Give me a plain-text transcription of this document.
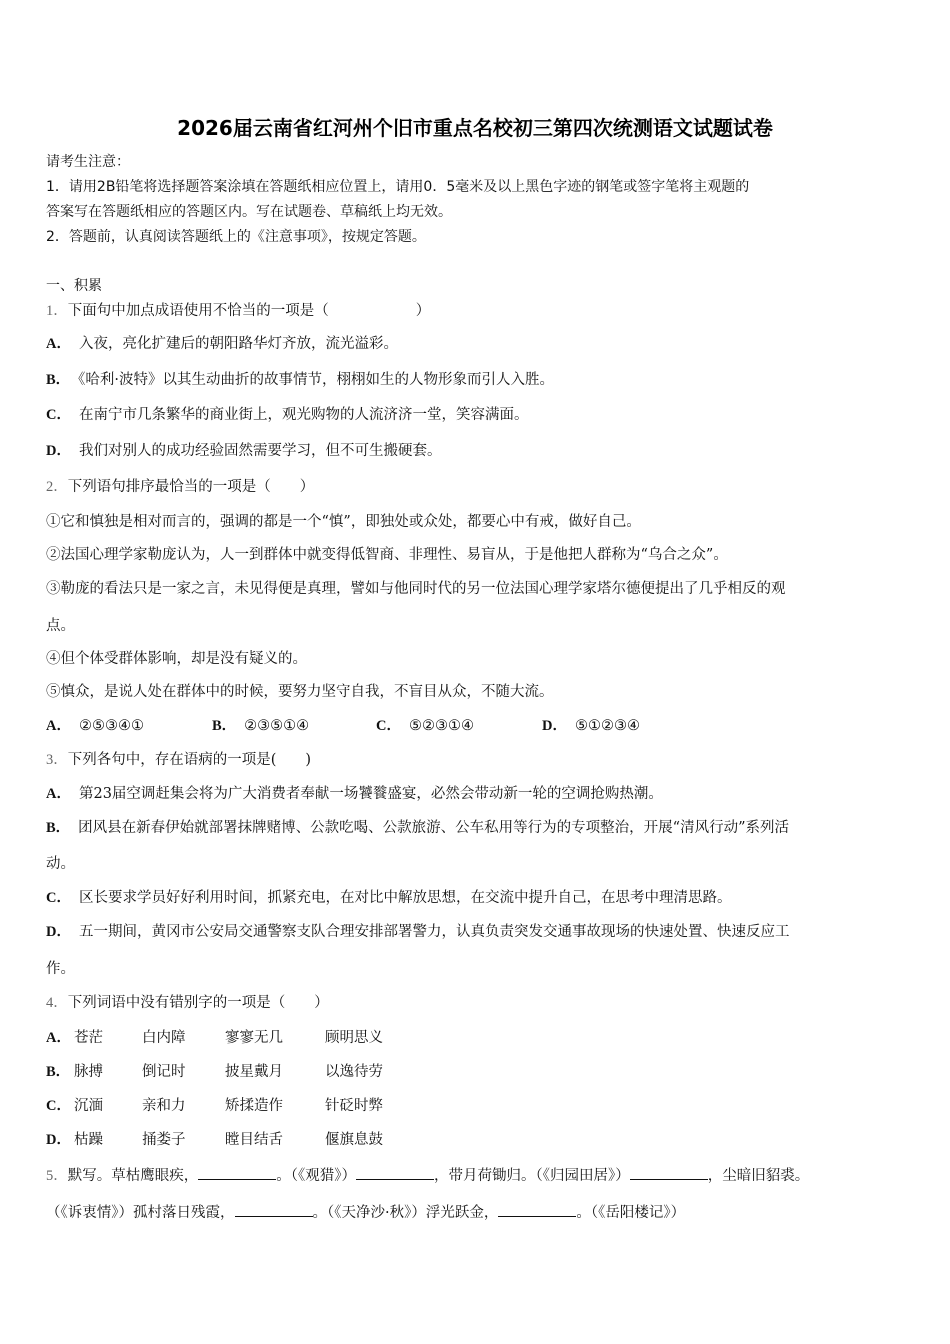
2026届云南省红河州个旧市重点名校初三第四次统测语文试题试卷
请考生注意：
1．请用2B铅笔将选择题答案涂填在答题纸相应位置上，请用0．5毫米及以上黑色字迹的钢笔或签字笔将主观题的
答案写在答题纸相应的答题区内。写在试题卷、草稿纸上均无效。
2．答题前，认真阅读答题纸上的《注意事项》，按规定答题。
一、积累
1．下面句中加点成语使用不恰当的一项是（　　　　　　）
A． 入夜，亮化扩建后的朝阳路华灯齐放，流光溢彩。
B． 《哈利·波特》以其生动曲折的故事情节，栩栩如生的人物形象而引人入胜。
C． 在南宁市几条繁华的商业街上，观光购物的人流济济一堂，笑容满面。
D． 我们对别人的成功经验固然需要学习，但不可生搬硬套。
2．下列语句排序最恰当的一项是（　　）
①它和慎独是相对而言的，强调的都是一个“慎”，即独处或众处，都要心中有戒，做好自己。
②法国心理学家勒庞认为，人一到群体中就变得低智商、非理性、易盲从，于是他把人群称为“乌合之众”。
③勒庞的看法只是一家之言，未见得便是真理，譬如与他同时代的另一位法国心理学家塔尔德便提出了几乎相反的观
点。
④但个体受群体影响，却是没有疑义的。
⑤慎众，是说人处在群体中的时候，要努力坚守自我，不盲目从众，不随大流。
A． ②⑤③④①	B． ②③⑤①④	C． ⑤②③①④	D． ⑤①②③④
3．下列各句中，存在语病的一项是(　　)
A． 第23届空调赶集会将为广大消费者奉献一场饕餮盛宴，必然会带动新一轮的空调抢购热潮。
B． 团风县在新春伊始就部署抹牌赌博、公款吃喝、公款旅游、公车私用等行为的专项整治，开展“清风行动”系列活
动。
C． 区长要求学员好好利用时间，抓紧充电，在对比中解放思想，在交流中提升自己，在思考中理清思路。
D． 五一期间，黄冈市公安局交通警察支队合理安排部署警力，认真负责突发交通事故现场的快速处置、快速反应工
作。
4．下列词语中没有错别字的一项是（　　）
A． 苍茫	白内障	寥寥无几	顾明思义
B． 脉搏	倒记时	披星戴月	以逸待劳
C． 沉湎	亲和力	矫揉造作	针砭时弊
D． 枯躁	捅娄子	瞠目结舌	偃旗息鼓
5．默写。草枯鹰眼疾，	。（《观猎》）	，带月荷锄归。（《归园田居》）	，尘暗旧貂裘。
（《诉衷情》）孤村落日残霞，	。（《天净沙·秋》）浮光跃金，	。（《岳阳楼记》）
